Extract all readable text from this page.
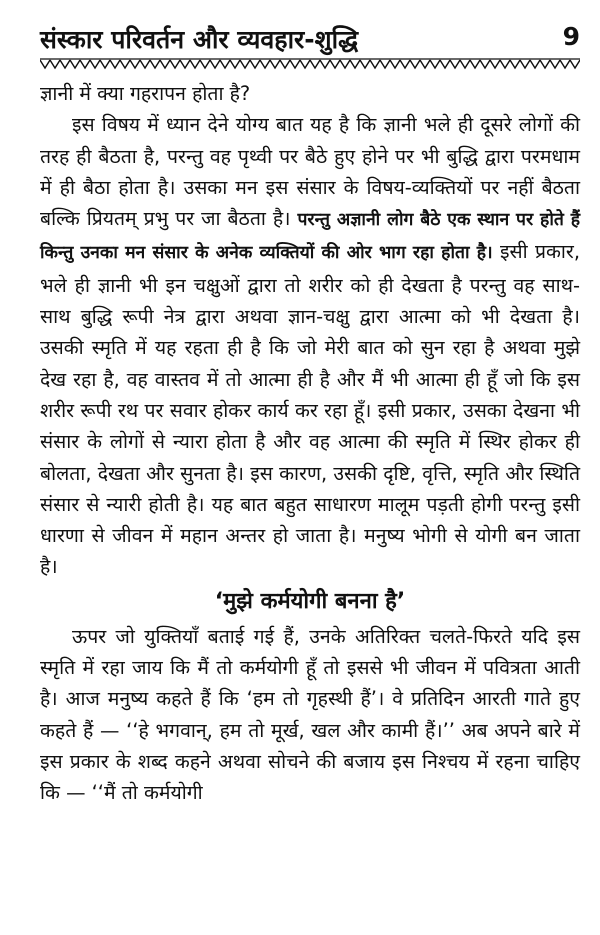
संस्कार परिवर्तन और व्यवहार-शुद्धि	9

ज्ञानी में क्या गहरापन होता है?

इस विषय में ध्यान देने योग्य बात यह है कि ज्ञानी भले ही दूसरे लोगों की तरह ही बैठता है, परन्तु वह पृथ्वी पर बैठे हुए होने पर भी बुद्धि द्वारा परमधाम में ही बैठा होता है। उसका मन इस संसार के विषय-व्यक्तियों पर नहीं बैठता बल्कि प्रियतम् प्रभु पर जा बैठता है। परन्तु अज्ञानी लोग बैठे एक स्थान पर होते हैं किन्तु उनका मन संसार के अनेक व्यक्तियों की ओर भाग रहा होता है। इसी प्रकार, भले ही ज्ञानी भी इन चक्षुओं द्वारा तो शरीर को ही देखता है परन्तु वह साथ-साथ बुद्धि रूपी नेत्र द्वारा अथवा ज्ञान-चक्षु द्वारा आत्मा को भी देखता है। उसकी स्मृति में यह रहता ही है कि जो मेरी बात को सुन रहा है अथवा मुझे देख रहा है, वह वास्तव में तो आत्मा ही है और मैं भी आत्मा ही हूँ जो कि इस शरीर रूपी रथ पर सवार होकर कार्य कर रहा हूँ। इसी प्रकार, उसका देखना भी संसार के लोगों से न्यारा होता है और वह आत्मा की स्मृति में स्थिर होकर ही बोलता, देखता और सुनता है। इस कारण, उसकी दृष्टि, वृत्ति, स्मृति और स्थिति संसार से न्यारी होती है। यह बात बहुत साधारण मालूम पड़ती होगी परन्तु इसी धारणा से जीवन में महान अन्तर हो जाता है। मनुष्य भोगी से योगी बन जाता है।

‘मुझे कर्मयोगी बनना है’

ऊपर जो युक्तियाँ बताई गई हैं, उनके अतिरिक्त चलते-फिरते यदि इस स्मृति में रहा जाय कि मैं तो कर्मयोगी हूँ तो इससे भी जीवन में पवित्रता आती है। आज मनुष्य कहते हैं कि ‘हम तो गृहस्थी हैं’। वे प्रतिदिन आरती गाते हुए कहते हैं — ‘‘हे भगवान्, हम तो मूर्ख, खल और कामी हैं।’’ अब अपने बारे में इस प्रकार के शब्द कहने अथवा सोचने की बजाय इस निश्चय में रहना चाहिए कि — ‘‘मैं तो कर्मयोगी
